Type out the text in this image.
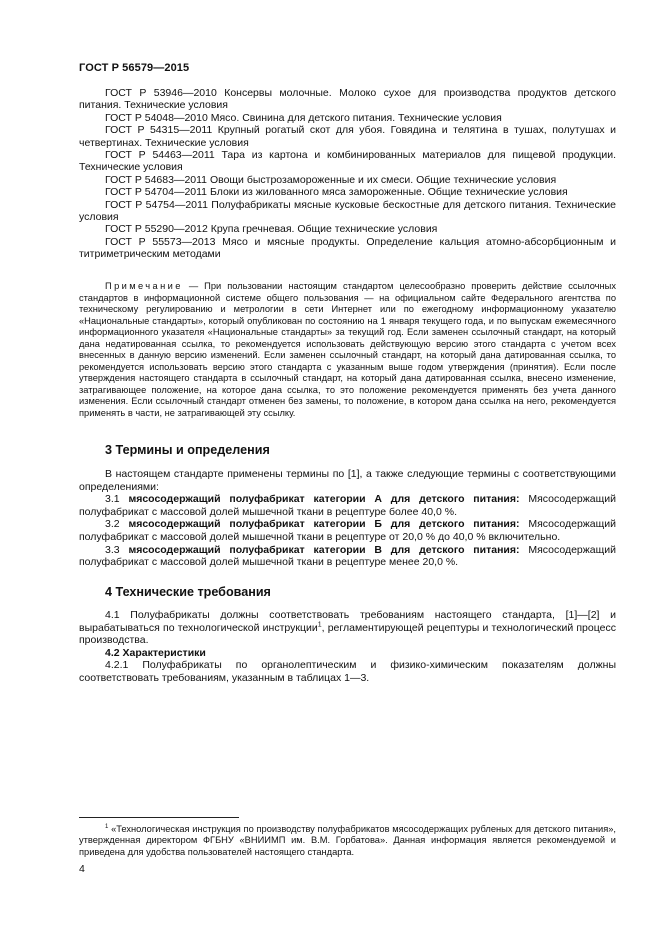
ГОСТ Р 56579—2015

ГОСТ Р 53946—2010 Консервы молочные. Молоко сухое для производства продуктов детского питания. Технические условия

ГОСТ Р 54048—2010 Мясо. Свинина для детского питания. Технические условия

ГОСТ Р 54315—2011 Крупный рогатый скот для убоя. Говядина и телятина в тушах, полутушах и четвертинах. Технические условия

ГОСТ Р 54463—2011 Тара из картона и комбинированных материалов для пищевой продукции. Технические условия

ГОСТ Р 54683—2011 Овощи быстрозамороженные и их смеси. Общие технические условия

ГОСТ Р 54704—2011 Блоки из жилованного мяса замороженные. Общие технические условия

ГОСТ Р 54754—2011 Полуфабрикаты мясные кусковые бескостные для детского питания. Технические условия

ГОСТ Р 55290—2012 Крупа гречневая. Общие технические условия

ГОСТ Р 55573—2013 Мясо и мясные продукты. Определение кальция атомно-абсорбционным и титриметрическим методами

Примечание — При пользовании настоящим стандартом целесообразно проверить действие ссылочных стандартов в информационной системе общего пользования — на официальном сайте Федерального агентства по техническому регулированию и метрологии в сети Интернет или по ежегодному информационному указателю «Национальные стандарты», который опубликован по состоянию на 1 января текущего года, и по выпускам ежемесячного информационного указателя «Национальные стандарты» за текущий год. Если заменен ссылочный стандарт, на который дана недатированная ссылка, то рекомендуется использовать действующую версию этого стандарта с учетом всех внесенных в данную версию изменений. Если заменен ссылочный стандарт, на который дана датированная ссылка, то рекомендуется использовать версию этого стандарта с указанным выше годом утверждения (принятия). Если после утверждения настоящего стандарта в ссылочный стандарт, на который дана датированная ссылка, внесено изменение, затрагивающее положение, на которое дана ссылка, то это положение рекомендуется применять без учета данного изменения. Если ссылочный стандарт отменен без замены, то положение, в котором дана ссылка на него, рекомендуется применять в части, не затрагивающей эту ссылку.

3 Термины и определения

В настоящем стандарте применены термины по [1], а также следующие термины с соответствующими определениями:

3.1 мясосодержащий полуфабрикат категории А для детского питания: Мясосодержащий полуфабрикат с массовой долей мышечной ткани в рецептуре более 40,0 %.

3.2 мясосодержащий полуфабрикат категории Б для детского питания: Мясосодержащий полуфабрикат с массовой долей мышечной ткани в рецептуре от 20,0 % до 40,0 % включительно.

3.3 мясосодержащий полуфабрикат категории В для детского питания: Мясосодержащий полуфабрикат с массовой долей мышечной ткани в рецептуре менее 20,0 %.

4 Технические требования

4.1 Полуфабрикаты должны соответствовать требованиям настоящего стандарта, [1]—[2] и вырабатываться по технологической инструкции$^1$, регламентирующей рецептуры и технологический процесс производства.

4.2 Характеристики

4.2.1 Полуфабрикаты по органолептическим и физико-химическим показателям должны соответствовать требованиям, указанным в таблицах 1—3.

$^1$ «Технологическая инструкция по производству полуфабрикатов мясосодержащих рубленых для детского питания», утвержденная директором ФГБНУ «ВНИИМП им. В.М. Горбатова». Данная информация является рекомендуемой и приведена для удобства пользователей настоящего стандарта.

4
